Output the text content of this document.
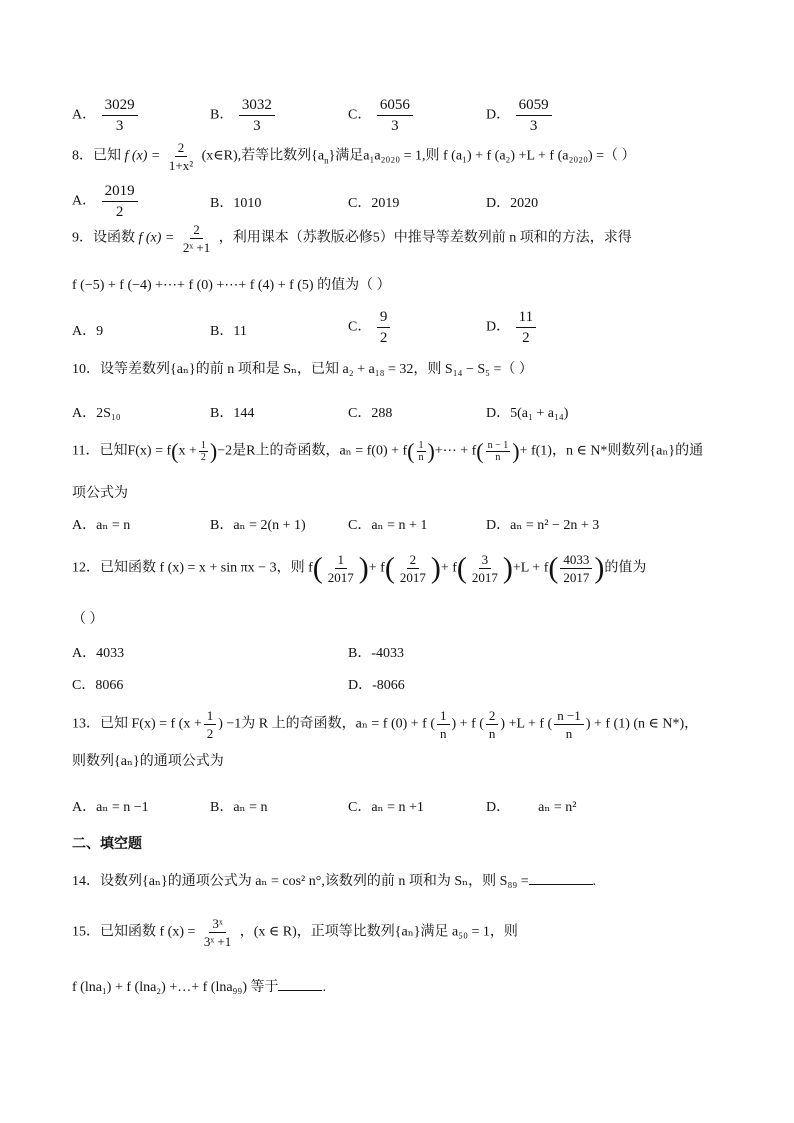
A． $\frac{3029}{3}$	B． $\frac{3032}{3}$	C． $\frac{6056}{3}$	D． $\frac{6059}{3}$
8．已知 f $(x) = \frac{2}{\text{1+x²}}$ (x∈R),若等比数列$\{a_n\}$满足a₁a₂₀₂₀ = 1,则 f (a₁) + f (a₂) +L + f (a₂₀₂₀) =（ ）
A． $\frac{2019}{2}$	B．1010	C．2019	D．2020
9．设函数 f $(x) = \frac{2}{\text{2ˣ +1}}$ ，利用课本（苏教版必修5）中推导等差数列前 n 项和的方法，求得
f (−5) + f (−4) +⋯+ f (0) +⋯+ f (4) + f (5) 的值为（ ）
A．9	B．11	C． $\frac{9}{2}$	D． $\frac{11}{2}$
10．设等差数列{aₙ}的前 n 项和是 Sₙ，已知 a₂ + a₁₈ = 32，则 S₁₄ − S₅ =（ ）
A．2S₁₀	B．144	C．288	D．5(a₁ + a₁₄)
11．已知$F(x) = f(x + \frac{1}{2} )-2$是R上的奇函数，$a_n = f(0) + f( \frac{1}{n}$ )+⋯ + $f( \frac{n - 1}{n}$ )+ f(1)，n ∈ N*则数列{aₙ}的通
项公式为
A．aₙ = n	B．aₙ = 2(n + 1)	C．aₙ = n + 1	D．aₙ = n² − 2n + 3
12．已知函数 f (x) = x + sin πx − 3，则 $f( \frac{1}{2017}$ )+ $f( \frac{2}{2017}$ )+ $f( \frac{3}{2017} )+L + f( \frac{4033}{2017}$ )的值为
（ ）
A．4033	B．-4033
C．8066	D．-8066
13．已知 F(x) = f ($x + \frac{1}{2}$ ) −1为 R 上的奇函数，aₙ = f (0) + f ( $\frac{1}{n}$ ) + f ( $\frac{2}{n}$ ) +L + f ( $\frac{n -1}{n}$ ) + f (1) (n ∈ N*)，
则数列{aₙ}的通项公式为
A．aₙ = n −1	B．aₙ = n	C．aₙ = n +1	D． aₙ = n²
二、填空题
14．设数列{aₙ}的通项公式为 aₙ = cos² n°,该数列的前 n 项和为 Sₙ，则 S₈₉ =	.
15．已知函数 f $(x) = \frac{\text{3ˣ}}{\text{3ˣ +1}}$ ，(x ∈ R)，正项等比数列{aₙ}满足 a₅₀ = 1，则
f (lna₁) + f (lna₂) +…+ f (lna₉₉) 等于	.
